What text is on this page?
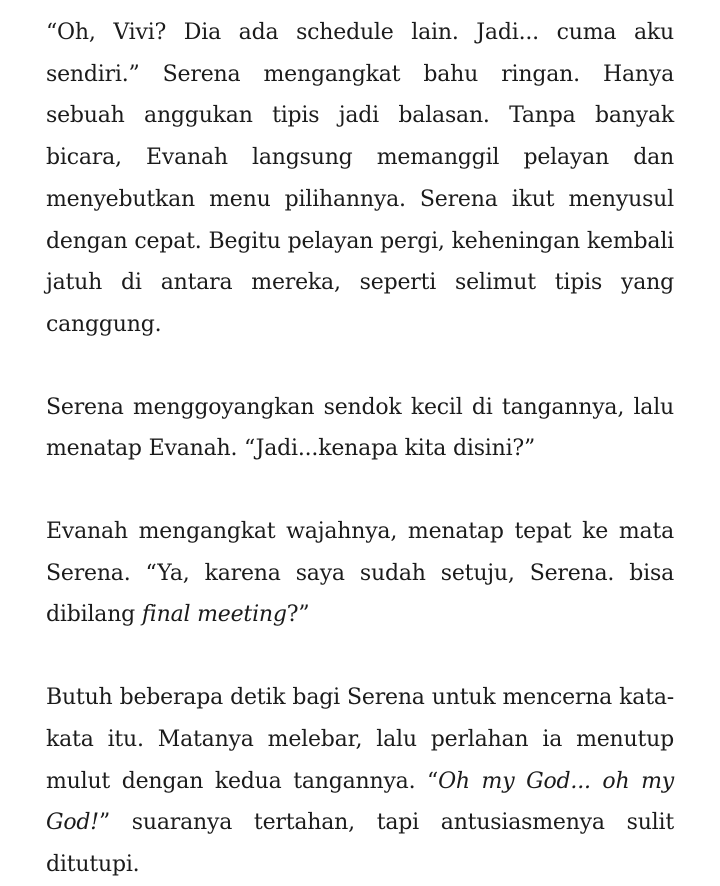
“Oh, Vivi? Dia ada schedule lain. Jadi... cuma aku sendiri.” Serena mengangkat bahu ringan. Hanya sebuah anggukan tipis jadi balasan. Tanpa banyak bicara, Evanah langsung memanggil pelayan dan menyebutkan menu pilihannya. Serena ikut menyusul dengan cepat. Begitu pelayan pergi, keheningan kembali jatuh di antara mereka, seperti selimut tipis yang canggung.

Serena menggoyangkan sendok kecil di tangannya, lalu menatap Evanah. “Jadi...kenapa kita disini?”

Evanah mengangkat wajahnya, menatap tepat ke mata Serena. “Ya, karena saya sudah setuju, Serena. bisa dibilang final meeting?”

Butuh beberapa detik bagi Serena untuk mencerna kata-kata itu. Matanya melebar, lalu perlahan ia menutup mulut dengan kedua tangannya. “Oh my God... oh my God!” suaranya tertahan, tapi antusiasmenya sulit ditutupi.
